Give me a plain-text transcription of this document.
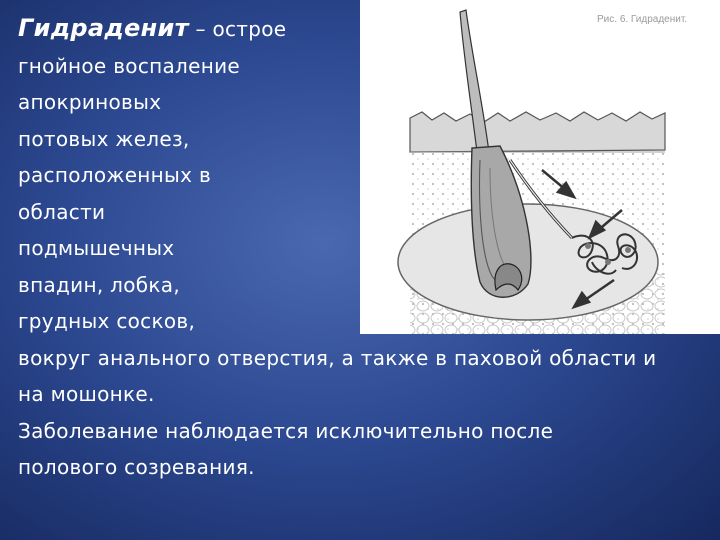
Рис. 6. Гидраденит.
Гидраденит – острое
гнойное воспаление
апокриновых
потовых желез,
расположенных в
области
подмышечных
впадин, лобка,
грудных сосков,
вокруг анального отверстия, а также в паховой области и
на мошонке.
Заболевание наблюдается исключительно после
полового созревания.
